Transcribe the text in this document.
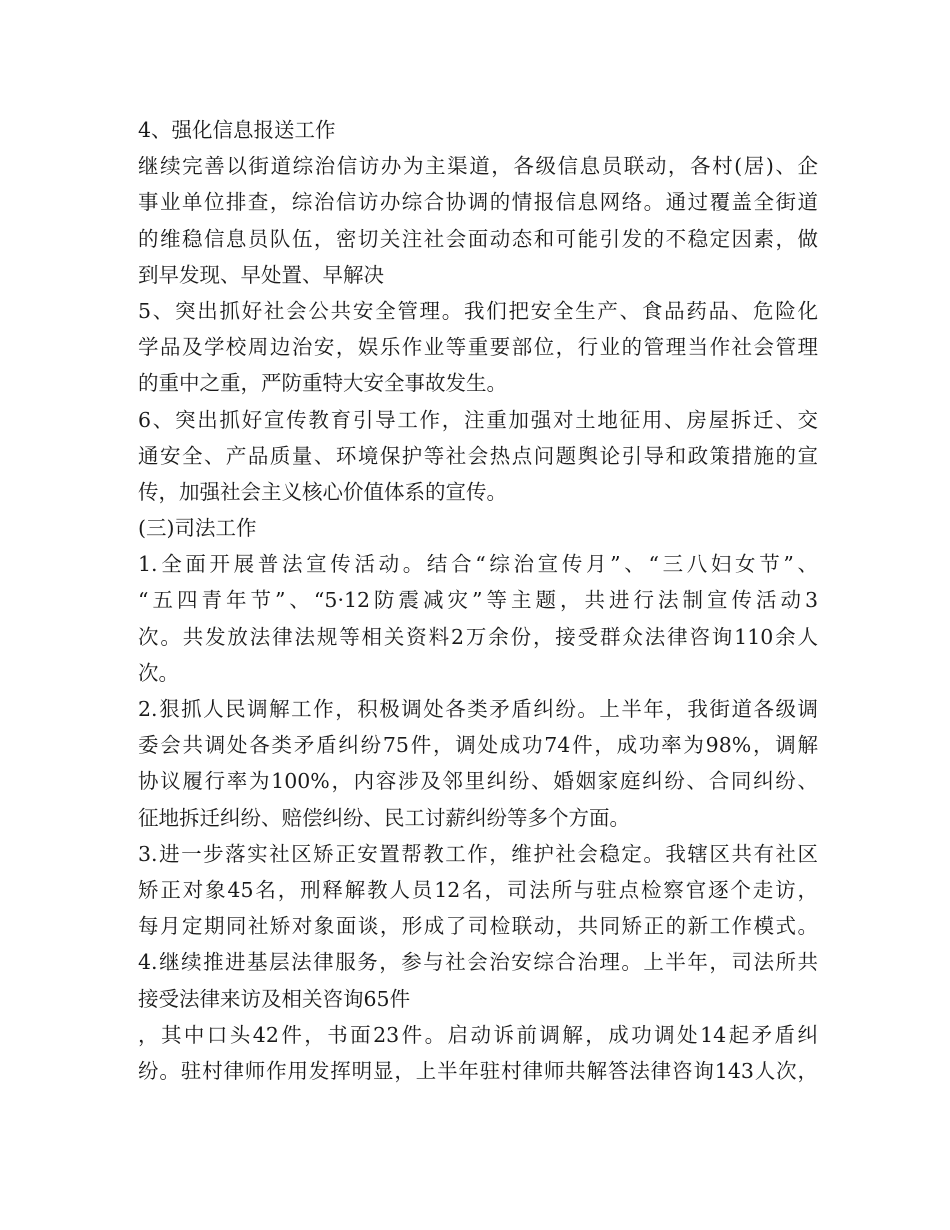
4、强化信息报送工作
继续完善以街道综治信访办为主渠道，各级信息员联动，各村(居)、企
事业单位排查，综治信访办综合协调的情报信息网络。通过覆盖全街道
的维稳信息员队伍，密切关注社会面动态和可能引发的不稳定因素，做
到早发现、早处置、早解决
5、突出抓好社会公共安全管理。我们把安全生产、食品药品、危险化
学品及学校周边治安，娱乐作业等重要部位，行业的管理当作社会管理
的重中之重，严防重特大安全事故发生。
6、突出抓好宣传教育引导工作，注重加强对土地征用、房屋拆迁、交
通安全、产品质量、环境保护等社会热点问题舆论引导和政策措施的宣
传，加强社会主义核心价值体系的宣传。
(三)司法工作
1.全面开展普法宣传活动。结合“综治宣传月”、“三八妇女节”、
“五四青年节”、“5·12防震减灾”等主题，共进行法制宣传活动3
次。共发放法律法规等相关资料2万余份，接受群众法律咨询110余人
次。
2.狠抓人民调解工作，积极调处各类矛盾纠纷。上半年，我街道各级调
委会共调处各类矛盾纠纷75件，调处成功74件，成功率为98%，调解
协议履行率为100%，内容涉及邻里纠纷、婚姻家庭纠纷、合同纠纷、
征地拆迁纠纷、赔偿纠纷、民工讨薪纠纷等多个方面。
3.进一步落实社区矫正安置帮教工作，维护社会稳定。我辖区共有社区
矫正对象45名，刑释解教人员12名，司法所与驻点检察官逐个走访，
每月定期同社矫对象面谈，形成了司检联动，共同矫正的新工作模式。
4.继续推进基层法律服务，参与社会治安综合治理。上半年，司法所共
接受法律来访及相关咨询65件
，其中口头42件，书面23件。启动诉前调解，成功调处14起矛盾纠
纷。驻村律师作用发挥明显，上半年驻村律师共解答法律咨询143人次，
